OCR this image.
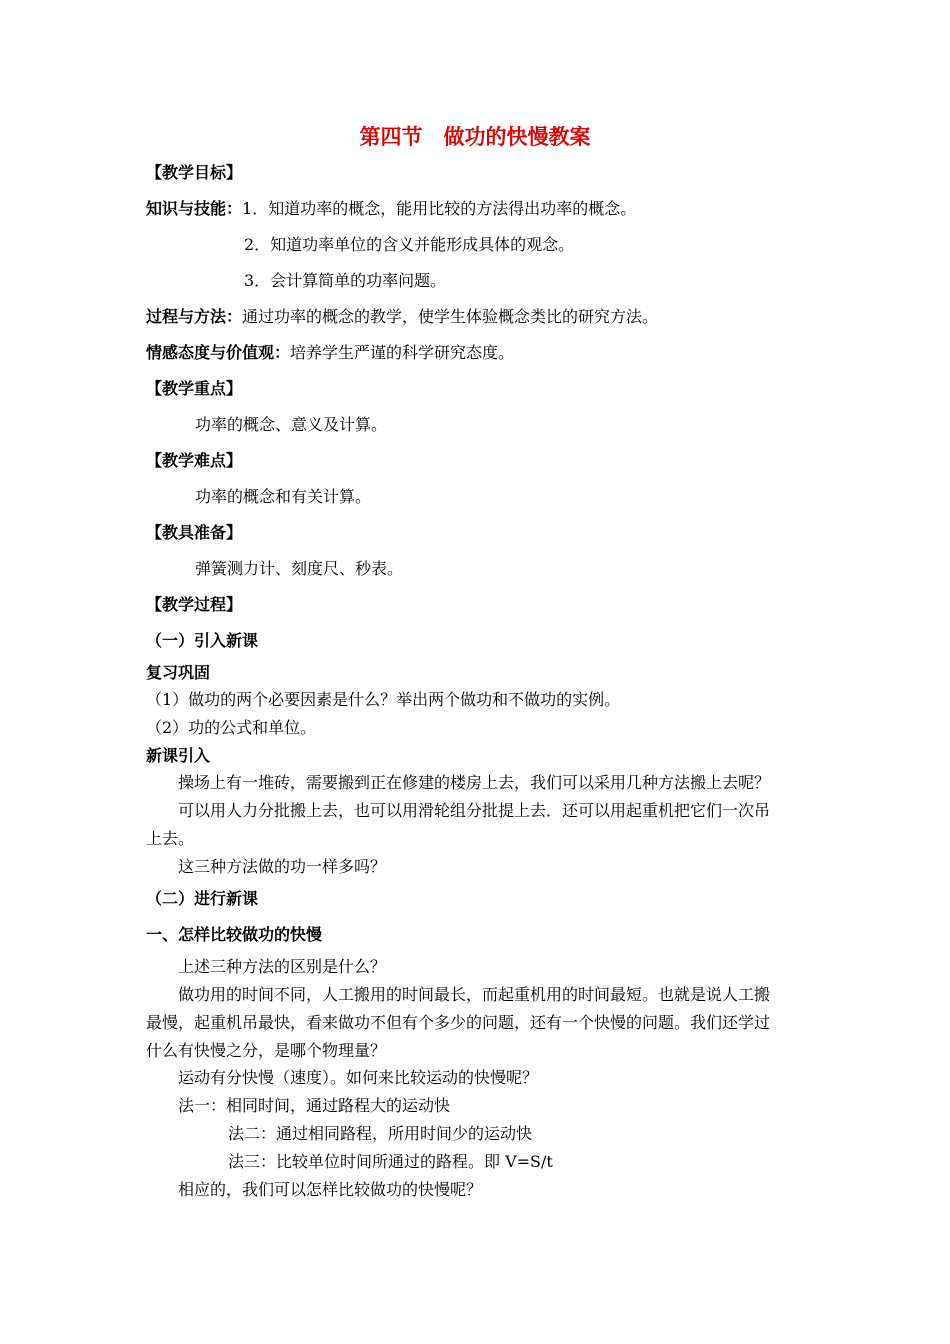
第四节　做功的快慢教案
【教学目标】
知识与技能：1．知道功率的概念，能用比较的方法得出功率的概念。
2．知道功率单位的含义并能形成具体的观念。
3．会计算简单的功率问题。
过程与方法：通过功率的概念的教学，使学生体验概念类比的研究方法。
情感态度与价值观：培养学生严谨的科学研究态度。
【教学重点】
功率的概念、意义及计算。
【教学难点】
功率的概念和有关计算。
【教具准备】
弹簧测力计、刻度尺、秒表。
【教学过程】
（一）引入新课
复习巩固
（1）做功的两个必要因素是什么？举出两个做功和不做功的实例。
（2）功的公式和单位。
新课引入
操场上有一堆砖，需要搬到正在修建的楼房上去，我们可以采用几种方法搬上去呢？
可以用人力分批搬上去，也可以用滑轮组分批提上去．还可以用起重机把它们一次吊
上去。
这三种方法做的功一样多吗？
（二）进行新课
一、怎样比较做功的快慢
上述三种方法的区别是什么？
做功用的时间不同，人工搬用的时间最长，而起重机用的时间最短。也就是说人工搬
最慢，起重机吊最快，看来做功不但有个多少的问题，还有一个快慢的问题。我们还学过
什么有快慢之分，是哪个物理量？
运动有分快慢（速度）。如何来比较运动的快慢呢？
法一：相同时间，通过路程大的运动快
法二：通过相同路程，所用时间少的运动快
法三：比较单位时间所通过的路程。即 V=S/t
相应的，我们可以怎样比较做功的快慢呢？
